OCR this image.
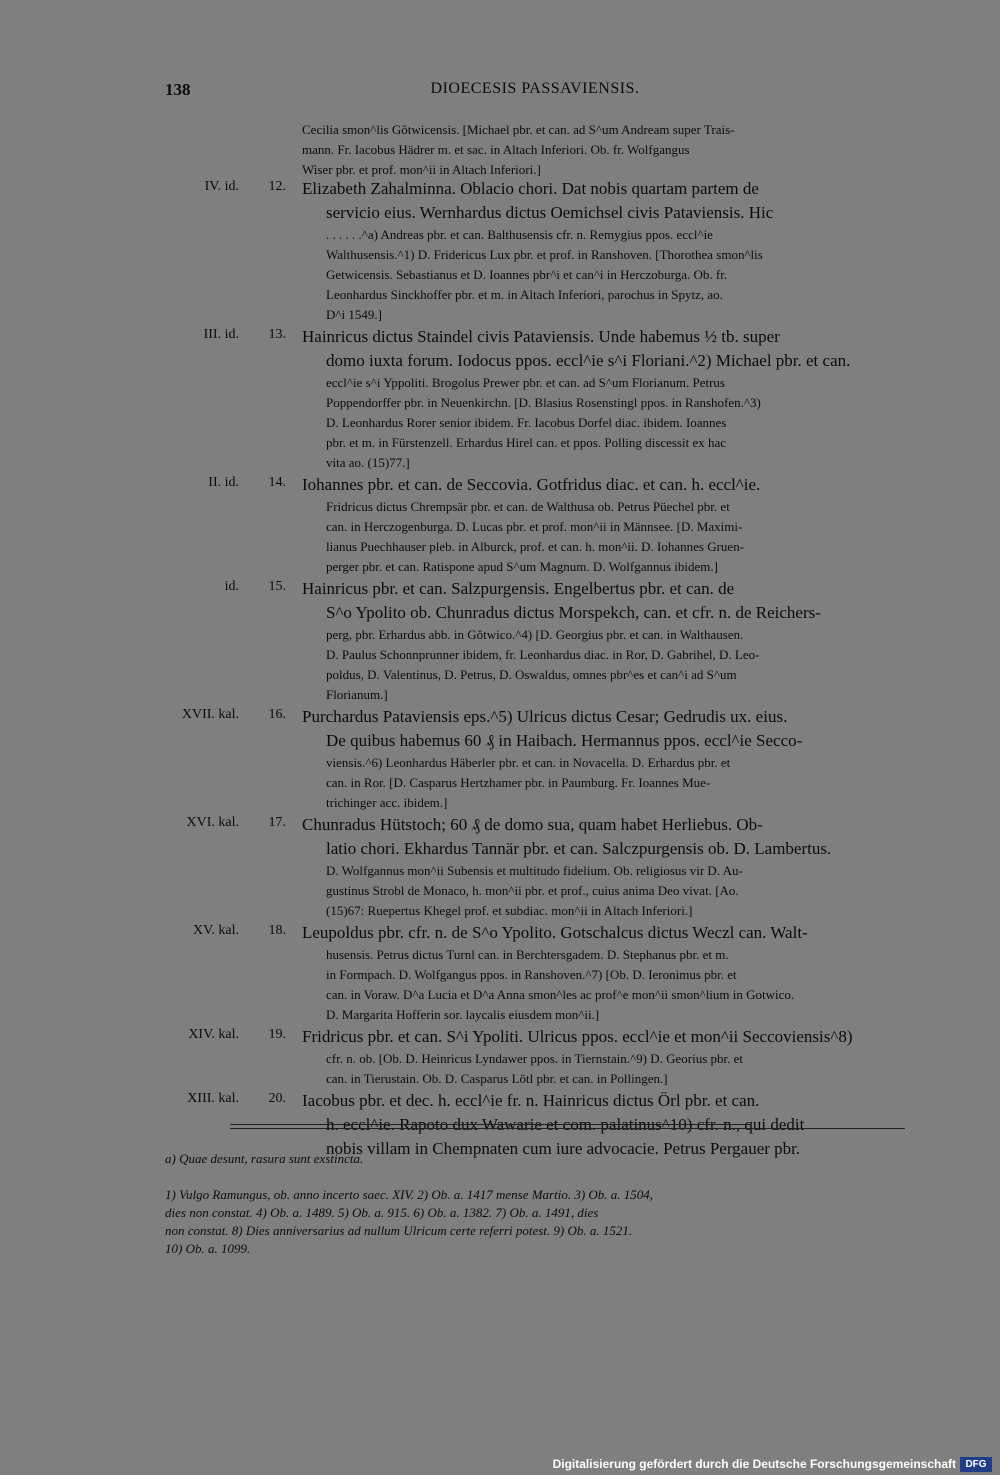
138	DIOECESIS PASSAVIENSIS.
Cecilia smon^lis Gôtwicensis. [Michael pbr. et can. ad S^um Andream super Trais-
mann. Fr. Iacobus Hädrer m. et sac. in Altach Inferiori. Ob. fr. Wolfgangus
Wiser pbr. et prof. mon^ii in Altach Inferiori.]
IV. id.	12. Elizabeth Zahalminna. Oblacio chori. Dat nobis quartam partem de
servicio eius. Wernhardus dictus Oemichsel civis Pataviensis. Hic
. . . . . .^a) Andreas pbr. et can. Balthusensis cfr. n. Remygius ppos. eccl^ie
Walthusensis.^1) D. Fridericus Lux pbr. et prof. in Ranshoven. [Thorothea smon^lis
Getwicensis. Sebastianus et D. Ioannes pbr^i et can^i in Herczoburga. Ob. fr.
Leonhardus Sinckhoffer pbr. et m. in Altach Inferiori, parochus in Spytz, ao.
D^i 1549.]
III. id.	13. Hainricus dictus Staindel civis Pataviensis. Unde habemus ½ tb. super
domo iuxta forum. Iodocus ppos. eccl^ie s^i Floriani.^2) Michael pbr. et can.
eccl^ie s^i Yppoliti. Brogolus Prewer pbr. et can. ad S^um Florianum. Petrus
Poppendorffer pbr. in Neuenkirchn. [D. Blasius Rosenstingl ppos. in Ranshofen.^3)
D. Leonhardus Rorer senior ibidem. Fr. Iacobus Dorfel diac. ibidem. Ioannes
pbr. et m. in Fürstenzell. Erhardus Hirel can. et ppos. Polling discessit ex hac
vita ao. (15)77.]
II. id.	14. Iohannes pbr. et can. de Seccovia. Gotfridus diac. et can. h. eccl^ie.
Fridricus dictus Chrempsär pbr. et can. de Walthusa ob. Petrus Püechel pbr. et
can. in Herczogenburga. D. Lucas pbr. et prof. mon^ii in Männsee. [D. Maximi-
lianus Puechhauser pleb. in Alburck, prof. et can. h. mon^ii. D. Iohannes Gruen-
perger pbr. et can. Ratispone apud S^um Magnum. D. Wolfgannus ibidem.]
id.	15. Hainricus pbr. et can. Salzpurgensis. Engelbertus pbr. et can. de
S^o Ypolito ob. Chunradus dictus Morspekch, can. et cfr. n. de Reichers-
perg, pbr. Erhardus abb. in Gôtwico.^4) [D. Georgius pbr. et can. in Walthausen.
D. Paulus Schonnprunner ibidem, fr. Leonhardus diac. in Ror, D. Gabrihel, D. Leo-
poldus, D. Valentinus, D. Petrus, D. Oswaldus, omnes pbr^es et can^i ad S^um
Florianum.]
XVII. kal.	16. Purchardus Pataviensis eps.^5) Ulricus dictus Cesar; Gedrudis ux. eius.
De quibus habemus 60 ₰ in Haibach. Hermannus ppos. eccl^ie Secco-
viensis.^6) Leonhardus Häberler pbr. et can. in Novacella. D. Erhardus pbr. et
can. in Ror. [D. Casparus Hertzhamer pbr. in Paumburg. Fr. Ioannes Mue-
trichinger acc. ibidem.]
XVI. kal.	17. Chunradus Hütstoch; 60 ₰ de domo sua, quam habet Herliebus. Ob-
latio chori. Ekhardus Tannär pbr. et can. Salczpurgensis ob. D. Lambertus.
D. Wolfgannus mon^ii Subensis et multitudo fidelium. Ob. religiosus vir D. Au-
gustinus Strobl de Monaco, h. mon^ii pbr. et prof., cuius anima Deo vivat. [Ao.
(15)67: Ruepertus Khegel prof. et subdiac. mon^ii in Altach Inferiori.]
XV. kal.	18. Leupoldus pbr. cfr. n. de S^o Ypolito. Gotschalcus dictus Weczl can. Walt-
husensis. Petrus dictus Turnl can. in Berchtersgadem. D. Stephanus pbr. et m.
in Formpach. D. Wolfgangus ppos. in Ranshoven.^7) [Ob. D. Ieronimus pbr. et
can. in Voraw. D^a Lucia et D^a Anna smon^les ac prof^e mon^ii smon^lium in Gotwico.
D. Margarita Hofferin sor. laycalis eiusdem mon^ii.]
XIV. kal.	19. Fridricus pbr. et can. S^i Ypoliti. Ulricus ppos. eccl^ie et mon^ii Seccoviensis^8)
cfr. n. ob. [Ob. D. Heinricus Lyndawer ppos. in Tiernstain.^9) D. Georius pbr. et
can. in Tierustain. Ob. D. Casparus Lötl pbr. et can. in Pollingen.]
XIII. kal.	20. Iacobus pbr. et dec. h. eccl^ie fr. n. Hainricus dictus Örl pbr. et can.
h. eccl^ie. Rapoto dux Wawarie et com. palatinus^10) cfr. n., qui dedit
nobis villam in Chempnaten cum iure advocacie. Petrus Pergauer pbr.
a) Quae desunt, rasura sunt exstincta.
1) Vulgo Ramungus, ob. anno incerto saec. XIV. 2) Ob. a. 1417 mense Martio. 3) Ob. a. 1504,
dies non constat. 4) Ob. a. 1489. 5) Ob. a. 915. 6) Ob. a. 1382. 7) Ob. a. 1491, dies
non constat. 8) Dies anniversarius ad nullum Ulricum certe referri potest. 9) Ob. a. 1521.
10) Ob. a. 1099.
Digitalisierung gefördert durch die Deutsche Forschungsgemeinschaft DFG
